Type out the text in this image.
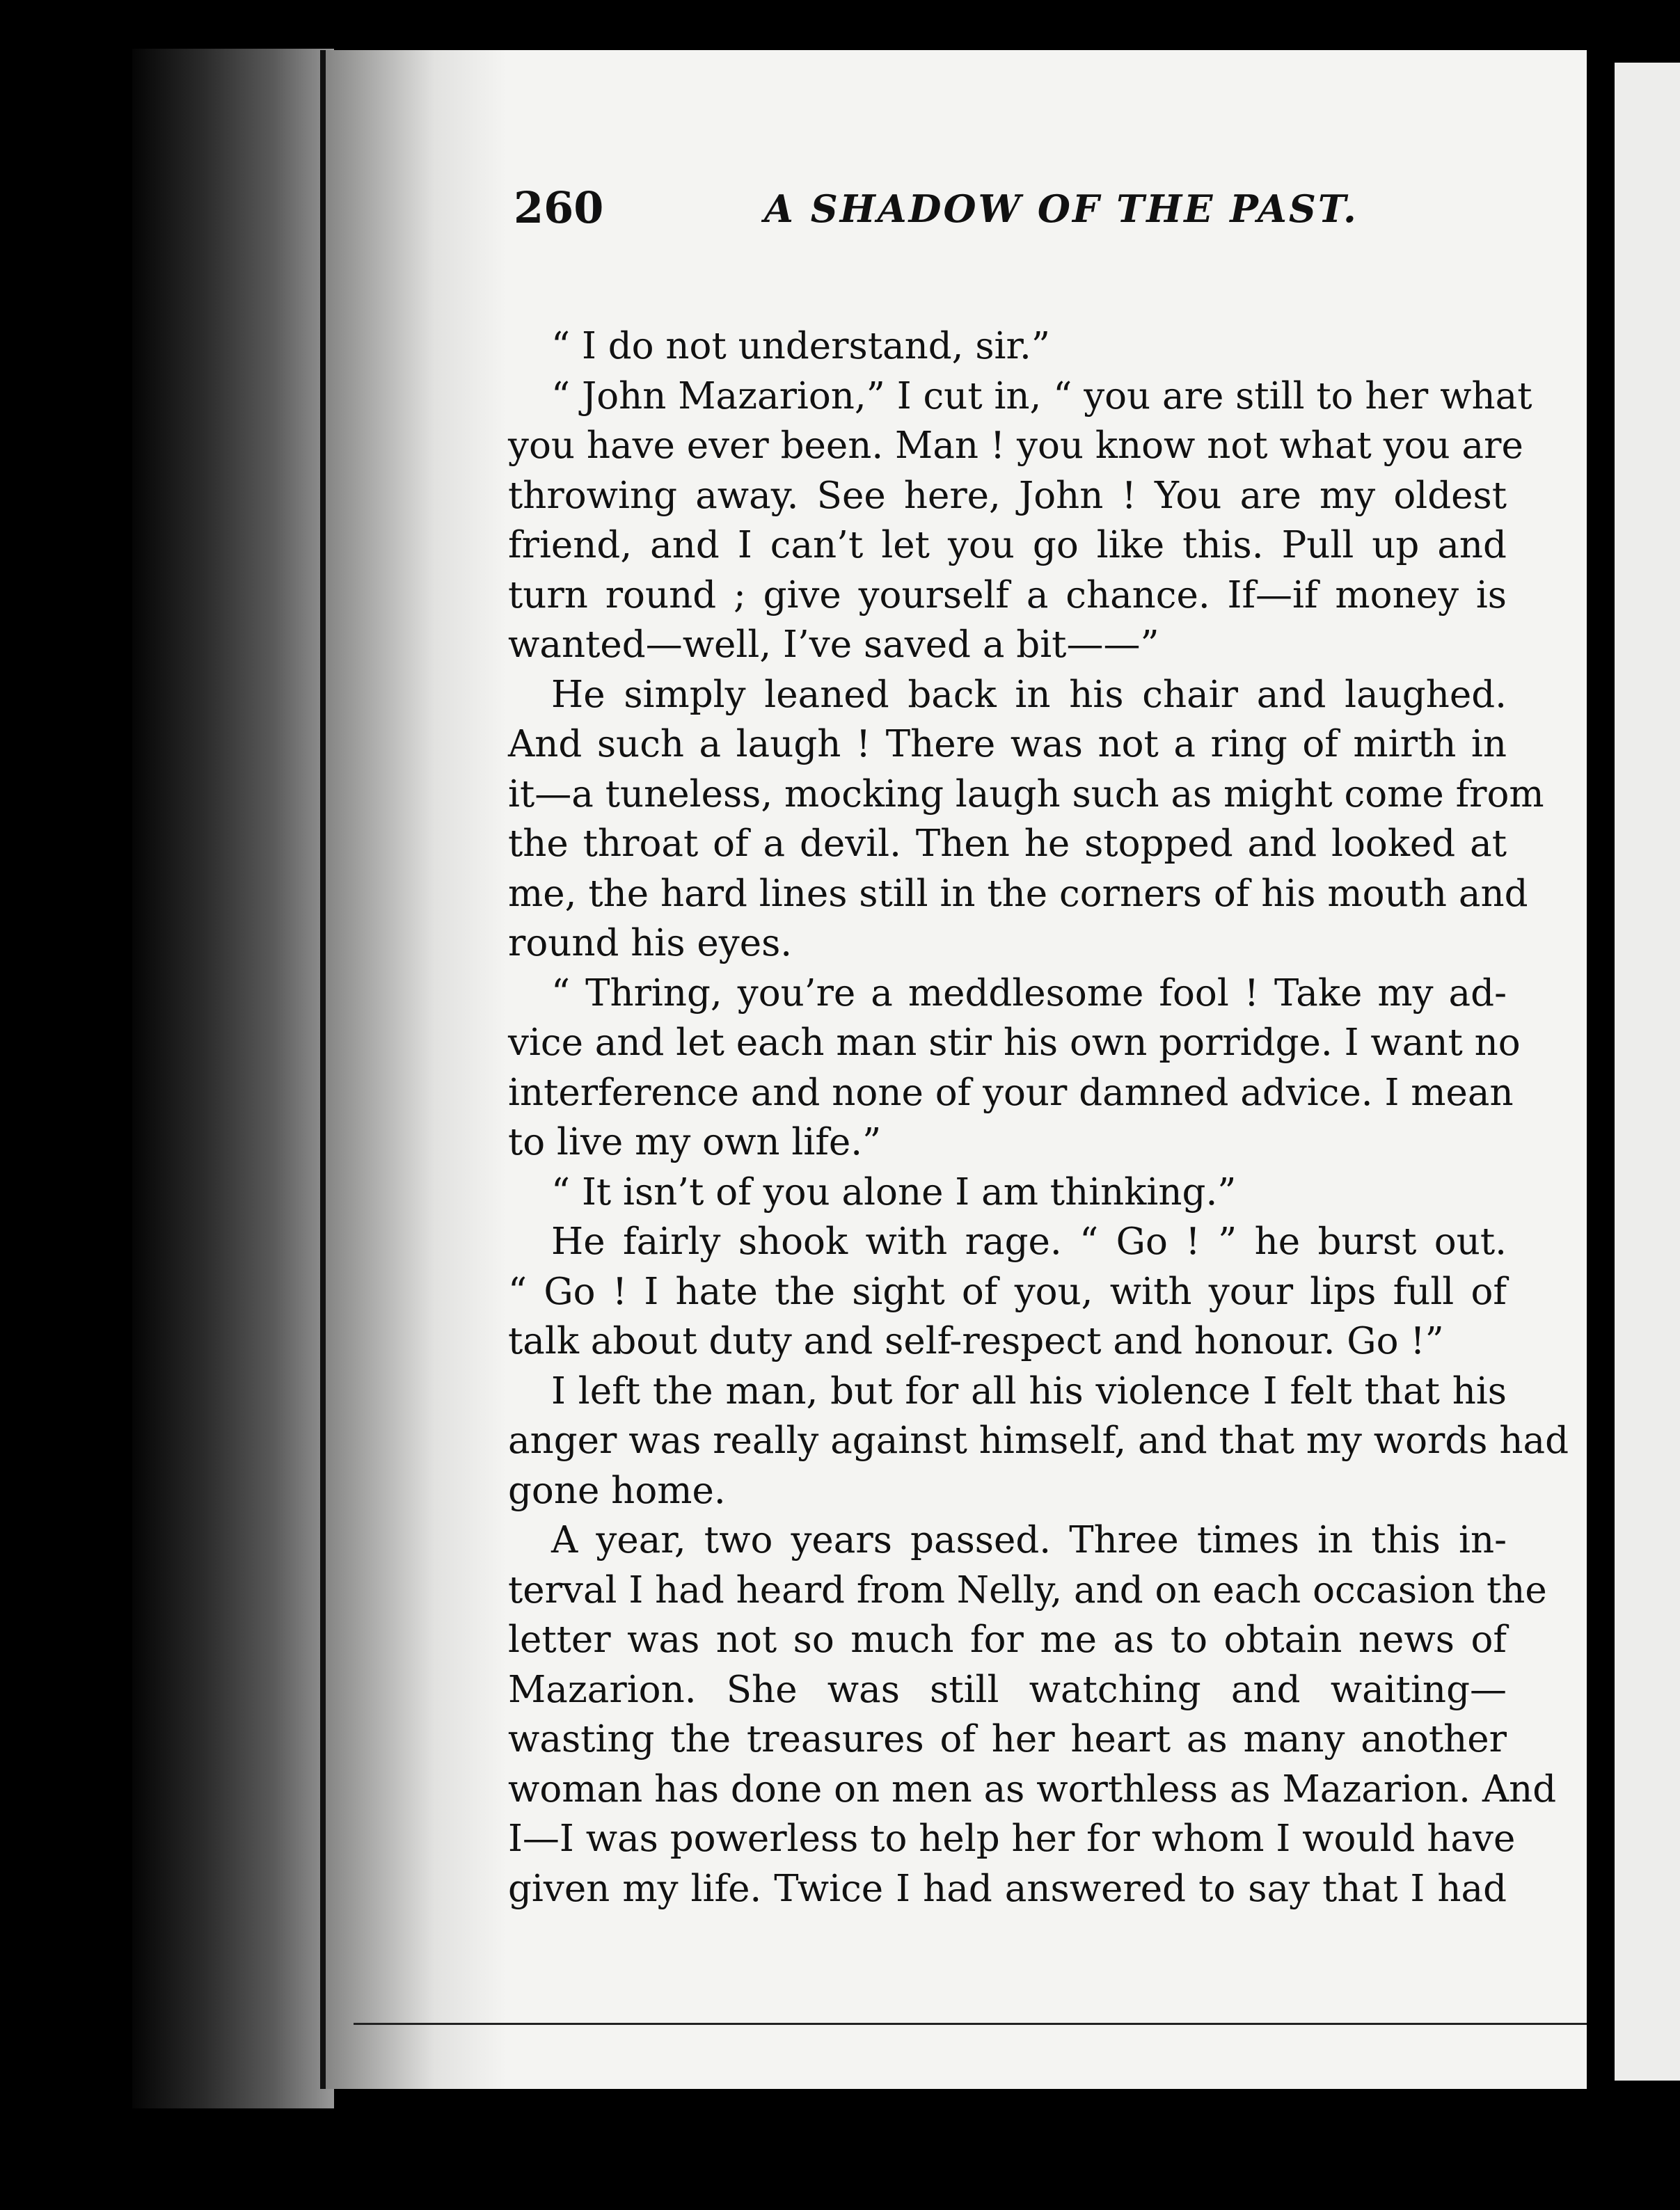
260	A SHADOW OF THE PAST.
“ I do not understand, sir.”
“ John Mazarion,” I cut in, “ you are still to her what
you have ever been. Man ! you know not what you are
throwing away. See here, John ! You are my oldest
friend, and I can’t let you go like this. Pull up and
turn round ; give yourself a chance. If—if money is
wanted—well, I’ve saved a bit——”
He simply leaned back in his chair and laughed.
And such a laugh ! There was not a ring of mirth in
it—a tuneless, mocking laugh such as might come from
the throat of a devil. Then he stopped and looked at
me, the hard lines still in the corners of his mouth and
round his eyes.
“ Thring, you’re a meddlesome fool ! Take my ad-
vice and let each man stir his own porridge. I want no
interference and none of your damned advice. I mean
to live my own life.”
“ It isn’t of you alone I am thinking.”
He fairly shook with rage. “ Go ! ” he burst out.
“ Go ! I hate the sight of you, with your lips full of
talk about duty and self-respect and honour. Go !”
I left the man, but for all his violence I felt that his
anger was really against himself, and that my words had
gone home.
A year, two years passed. Three times in this in-
terval I had heard from Nelly, and on each occasion the
letter was not so much for me as to obtain news of
Mazarion. She was still watching and waiting—
wasting the treasures of her heart as many another
woman has done on men as worthless as Mazarion. And
I—I was powerless to help her for whom I would have
given my life. Twice I had answered to say that I had
